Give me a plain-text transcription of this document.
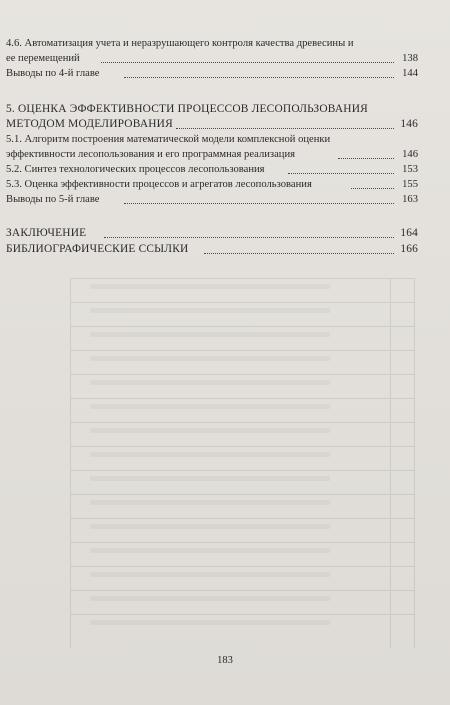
4.6. Автоматизация учета и неразрушающего контроля качества древесины и
ее перемещений	138
Выводы по 4-й главе	144
5. ОЦЕНКА ЭФФЕКТИВНОСТИ ПРОЦЕССОВ ЛЕСОПОЛЬЗОВАНИЯ
МЕТОДОМ МОДЕЛИРОВАНИЯ	146
5.1. Алгоритм построения математической модели комплексной оценки
эффективности лесопользования и его программная реализация	146
5.2. Синтез технологических процессов лесопользования	153
5.3. Оценка эффективности процессов и агрегатов лесопользования	155
Выводы по 5-й главе	163
ЗАКЛЮЧЕНИЕ	164
БИБЛИОГРАФИЧЕСКИЕ ССЫЛКИ	166
183
